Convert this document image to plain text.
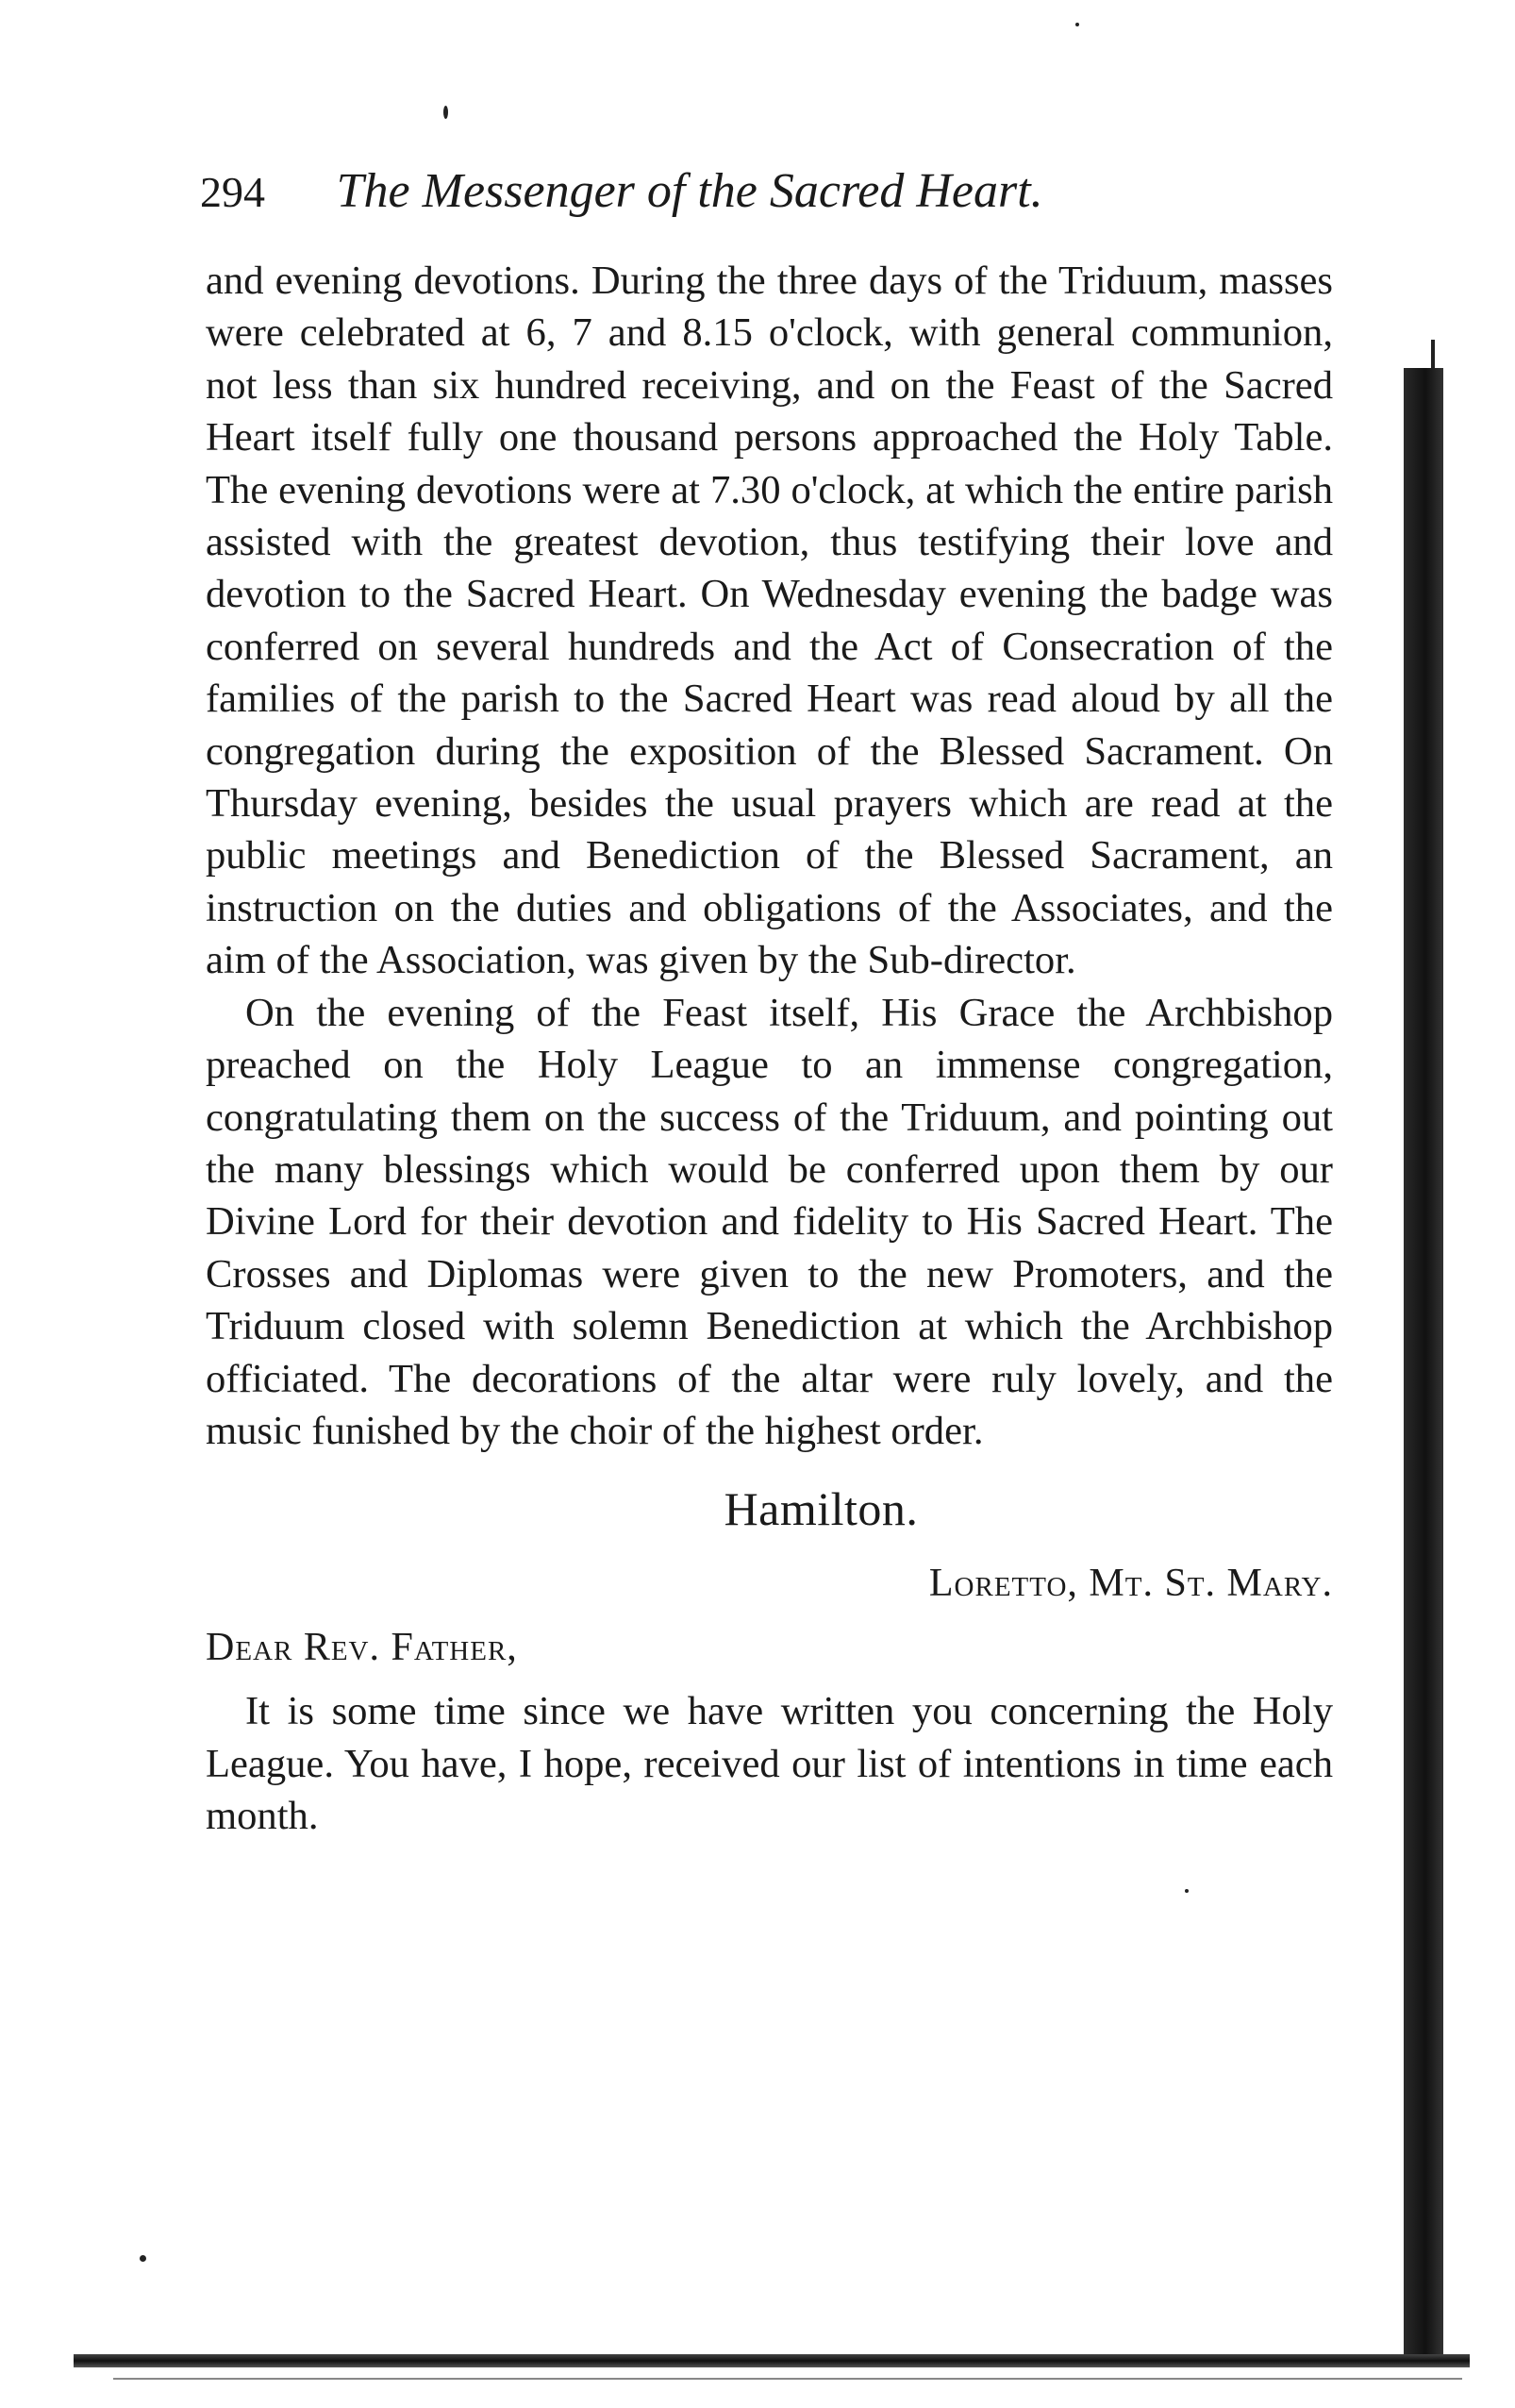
294 The Messenger of the Sacred Heart.

and evening devotions. During the three days of the Triduum, masses were celebrated at 6, 7 and 8.15 o'clock, with general communion, not less than six hundred receiving, and on the Feast of the Sacred Heart itself fully one thousand persons approached the Holy Table. The evening devotions were at 7.30 o'clock, at which the entire parish assisted with the greatest devotion, thus testifying their love and devotion to the Sacred Heart. On Wednesday evening the badge was conferred on several hundreds and the Act of Consecration of the families of the parish to the Sacred Heart was read aloud by all the congregation during the exposition of the Blessed Sacrament. On Thursday evening, besides the usual prayers which are read at the public meetings and Benediction of the Blessed Sacrament, an instruction on the duties and obligations of the Associates, and the aim of the Association, was given by the Sub-director.

On the evening of the Feast itself, His Grace the Archbishop preached on the Holy League to an immense congregation, congratulating them on the success of the Triduum, and pointing out the many blessings which would be conferred upon them by our Divine Lord for their devotion and fidelity to His Sacred Heart. The Crosses and Diplomas were given to the new Promoters, and the Triduum closed with solemn Benediction at which the Archbishop officiated. The decorations of the altar were ruly lovely, and the music funished by the choir of the highest order.

Hamilton.
Loretto, Mt. St. Mary.
Dear Rev. Father,

It is some time since we have written you concerning the Holy League. You have, I hope, received our list of intentions in time each month.
